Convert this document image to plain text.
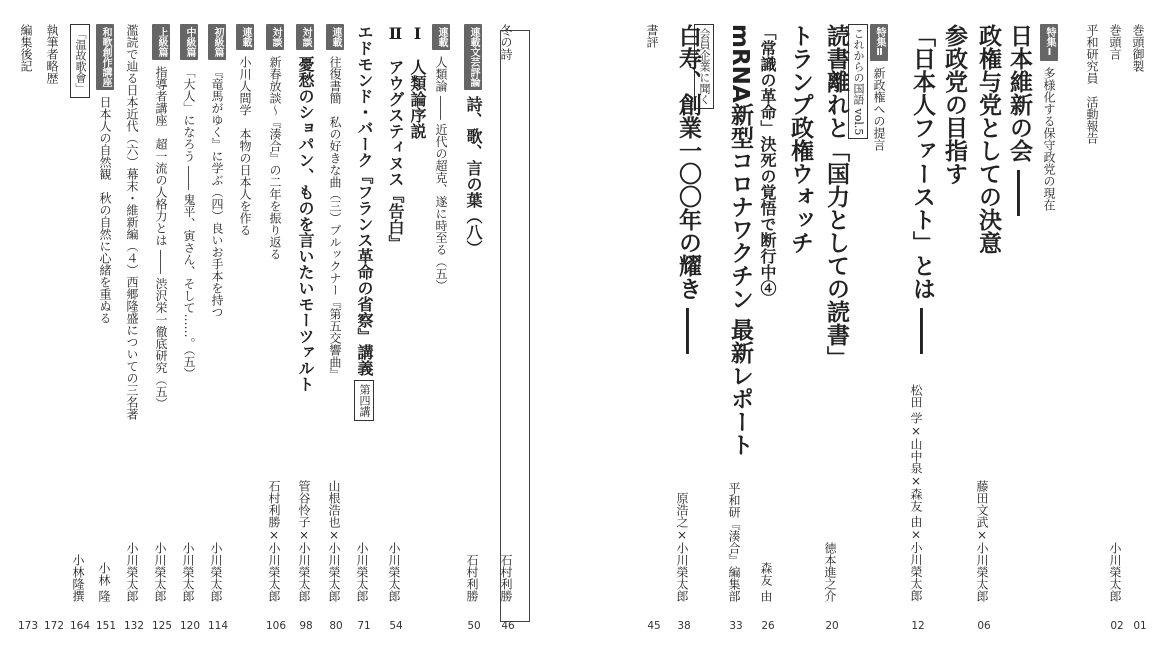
巻頭御製
01
巻頭言
小川榮太郎
02
平和研究員　活動報告
特集Ⅰ多様化する保守政党の現在
日本維新の会 ――
政権与党としての決意
藤田文武×小川榮太郎
06
参政党の目指す
「日本人ファースト」とは ――
松田 学×山中泉×森友 由×小川榮太郎
12
特集Ⅱ新政権への提言
これからの国語 vol.5
読書離れと「国力としての読書」
徳本進之介
20
トランプ政権ウォッチ
「常識の革命」決死の覚悟で断行中④
森友 由
26
mRNA新型コロナワクチン 最新レポート
平和研『湊合』編集部
33
会員企業に聞く
白寿、創業一〇〇年の耀き ――
原浩之×小川榮太郎
38
書評
45
冬の詩
石村利勝
46
連載文芸評論詩、歌、言の葉（八）
石村利勝
50
連載人類論 ―― 近代の超克、遂に時至る（五）
Ⅰ　人類論序説
Ⅱ　アウグスティヌス『告白』
小川榮太郎
54
エドモンド・バーク『フランス革命の省察』講義第四講
小川榮太郎
71
連載往復書簡　私の好きな曲（三）ブルックナー『第五交響曲』
山根浩也×小川榮太郎
80
対談憂愁のショパン、ものを言いたいモーツァルト
管谷怜子×小川榮太郎
98
対談新春放談～『湊合』の二年を振り返る
石村利勝×小川榮太郎
106
連載小川人間学　本物の日本人を作る
初級篇『竜馬がゆく』に学ぶ（四）良いお手本を持つ
小川榮太郎
114
中級篇「大人」になろう ―― 鬼平、寅さん、そして……。（五）
小川榮太郎
120
上級篇指導者講座　超一流の人格力とは ―― 渋沢栄一徹底研究（五）
小川榮太郎
125
濫読で辿る日本近代（六）幕末・維新編（４）西郷隆盛についての三名著
小川榮太郎
132
和歌創作講座日本人の自然観　秋の自然に心緒を重ぬる
小林 隆
151
「温故歌會」
小林隆撰
164
執筆者略歴
172
編集後記
173
